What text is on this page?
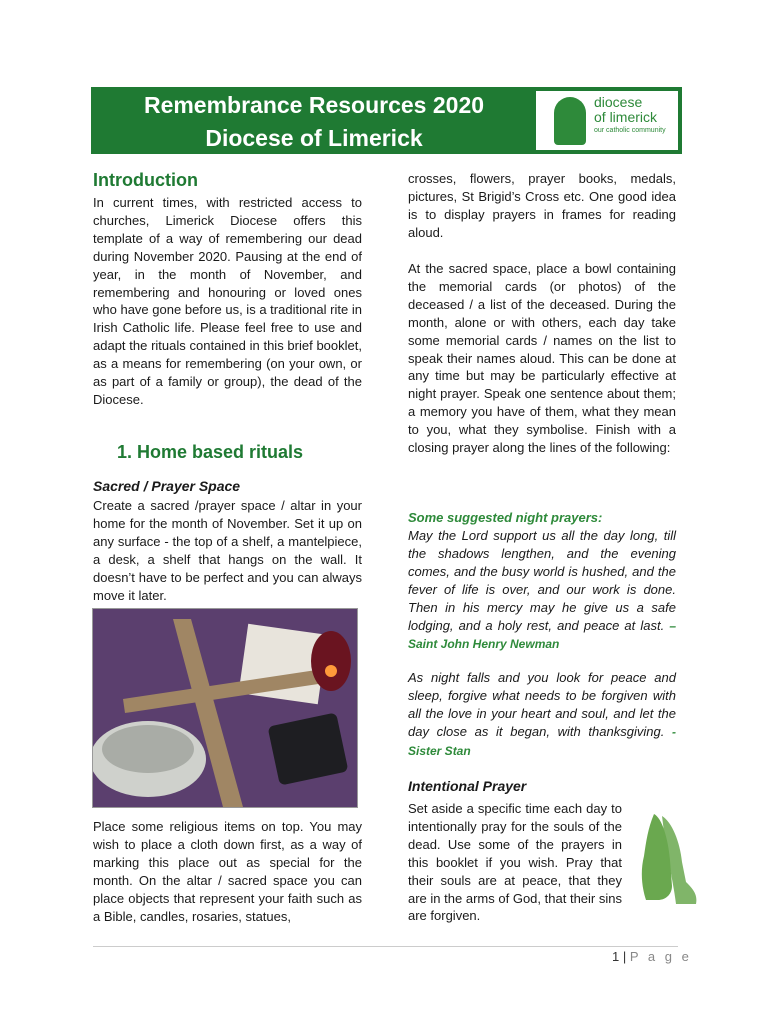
Remembrance Resources 2020
Diocese of Limerick
diocese
of limerick
our catholic community
Introduction
In current times, with restricted access to churches, Limerick Diocese offers this template of a way of remembering our dead during November 2020. Pausing at the end of year, in the month of November, and remembering and honouring or loved ones who have gone before us, is a traditional rite in Irish Catholic life. Please feel free to use and adapt the rituals contained in this brief booklet, as a means for remembering (on your own, or as part of a family or group), the dead of the Diocese.
1. Home based rituals
Sacred / Prayer Space
Create a sacred /prayer space / altar in your home for the month of November. Set it up on any surface - the top of a shelf, a mantelpiece, a desk, a shelf that hangs on the wall. It doesn’t have to be perfect and you can always move it later.
Place some religious items on top. You may wish to place a cloth down first, as a way of marking this place out as special for the month. On the altar / sacred space you can place objects that represent your faith such as a Bible, candles, rosaries, statues,
crosses, flowers, prayer books, medals, pictures, St Brigid’s Cross etc. One good idea is to display prayers in frames for reading aloud.
At the sacred space, place a bowl containing the memorial cards (or photos) of the deceased / a list of the deceased. During the month, alone or with others, each day take some memorial cards / names on the list to speak their names aloud. This can be done at any time but may be particularly effective at night prayer. Speak one sentence about them; a memory you have of them, what they mean to you, what they symbolise. Finish with a closing prayer along the lines of the following:
Some suggested night prayers:
May the Lord support us all the day long, till the shadows lengthen, and the evening comes, and the busy world is hushed, and the fever of life is over, and our work is done. Then in his mercy may he give us a safe lodging, and a holy rest, and peace at last. – Saint John Henry Newman
As night falls and you look for peace and sleep, forgive what needs to be forgiven with all the love in your heart and soul, and let the day close as it began, with thanksgiving. - Sister Stan
Intentional Prayer
Set aside a specific time each day to intentionally pray for the souls of the dead. Use some of the prayers in this booklet if you wish. Pray that their souls are at peace, that they are in the arms of God, that their sins are forgiven.
1 | P a g e
